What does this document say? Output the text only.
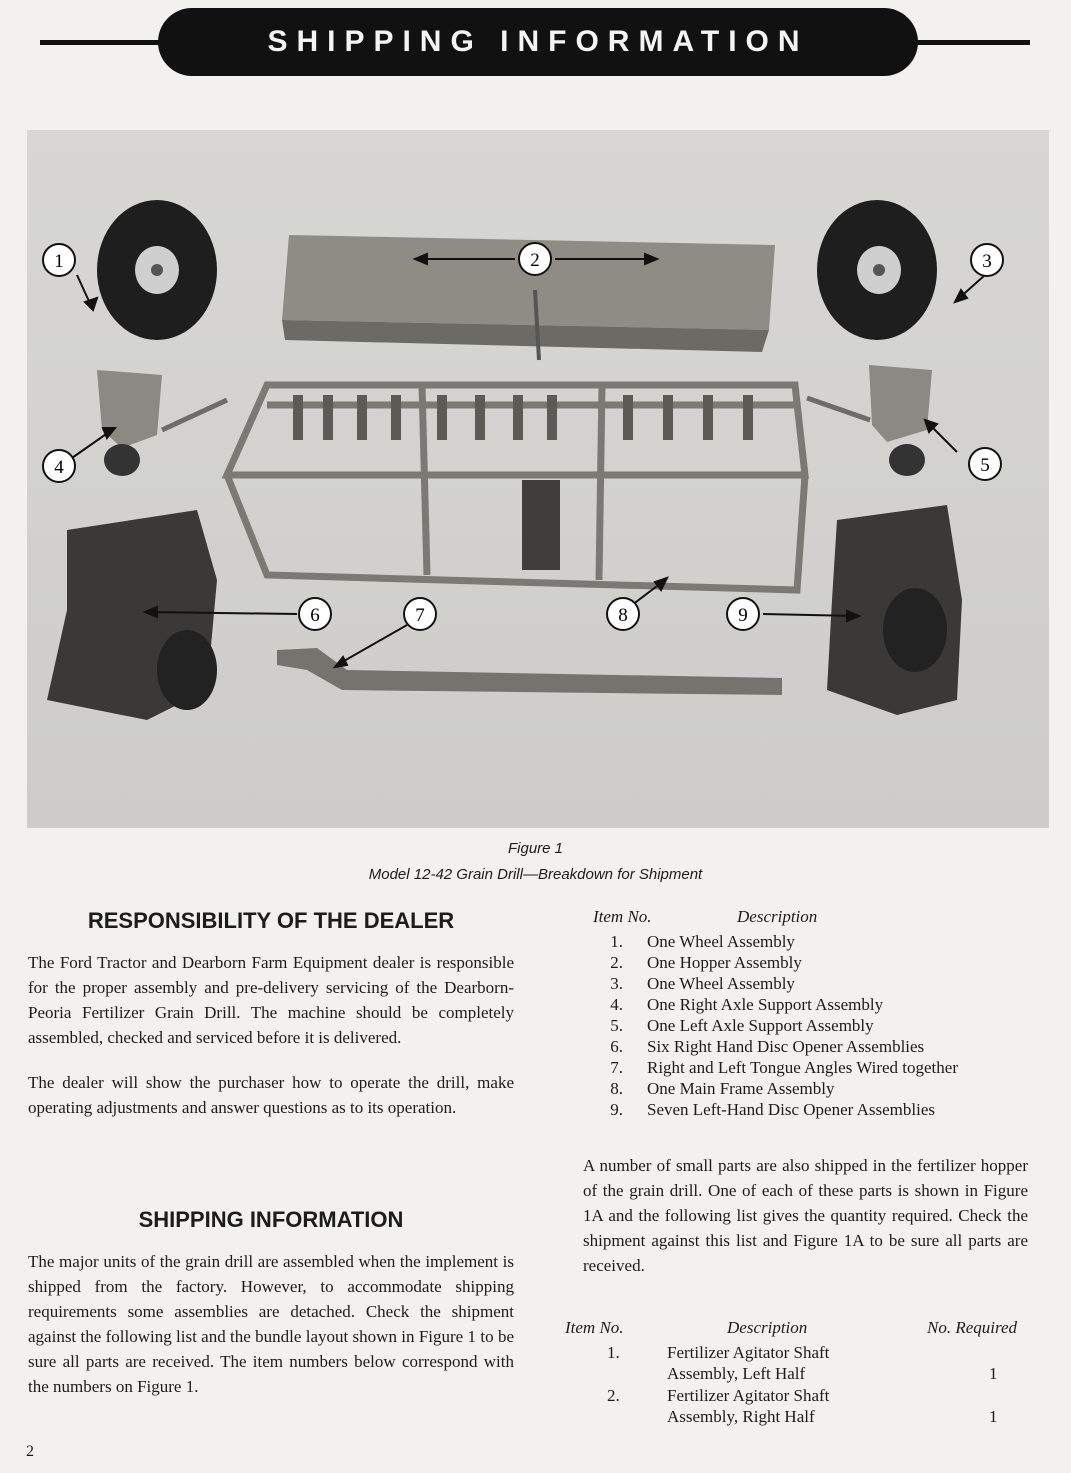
SHIPPING INFORMATION
1	2	3
4	5
6	7	8	9
Figure 1
Model 12-42 Grain Drill—Breakdown for Shipment
RESPONSIBILITY OF THE DEALER

The Ford Tractor and Dearborn Farm Equipment dealer is responsible for the proper assembly and pre-delivery servicing of the Dearborn-Peoria Fertilizer Grain Drill. The machine should be completely assembled, checked and serviced before it is delivered.

The dealer will show the purchaser how to operate the drill, make operating adjustments and answer questions as to its operation.

SHIPPING INFORMATION

The major units of the grain drill are assembled when the implement is shipped from the factory. However, to accommodate shipping requirements some assemblies are detached. Check the shipment against the following list and the bundle layout shown in Figure 1 to be sure all parts are received. The item numbers below correspond with the numbers on Figure 1.

Item No.	Description
1. One Wheel Assembly
2. One Hopper Assembly
3. One Wheel Assembly
4. One Right Axle Support Assembly
5. One Left Axle Support Assembly
6. Six Right Hand Disc Opener Assemblies
7. Right and Left Tongue Angles Wired together
8. One Main Frame Assembly
9. Seven Left-Hand Disc Opener Assemblies

A number of small parts are also shipped in the fertilizer hopper of the grain drill. One of each of these parts is shown in Figure 1A and the following list gives the quantity required. Check the shipment against this list and Figure 1A to be sure all parts are received.

Item No.	Description	No. Required
1.	Fertilizer Agitator Shaft
Assembly, Left Half	1
2.	Fertilizer Agitator Shaft
Assembly, Right Half	1
2
